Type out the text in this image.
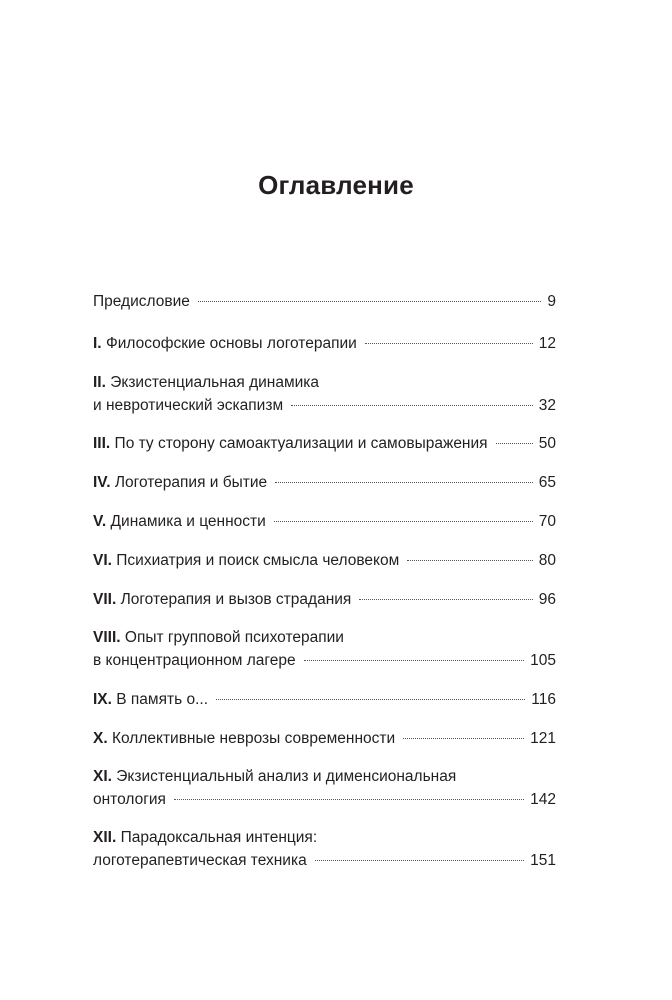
Оглавление
Предисловие	9
I. Философские основы логотерапии	12
II. Экзистенциальная динамика
и невротический эскапизм	32
III. По ту сторону самоактуализации и самовыражения	50
IV. Логотерапия и бытие	65
V. Динамика и ценности	70
VI. Психиатрия и поиск смысла человеком	80
VII. Логотерапия и вызов страдания	96
VIII. Опыт групповой психотерапии
в концентрационном лагере	105
IX. В память о...	116
X. Коллективные неврозы современности	121
XI. Экзистенциальный анализ и дименсиональная
онтология	142
XII. Парадоксальная интенция:
логотерапевтическая техника	151
